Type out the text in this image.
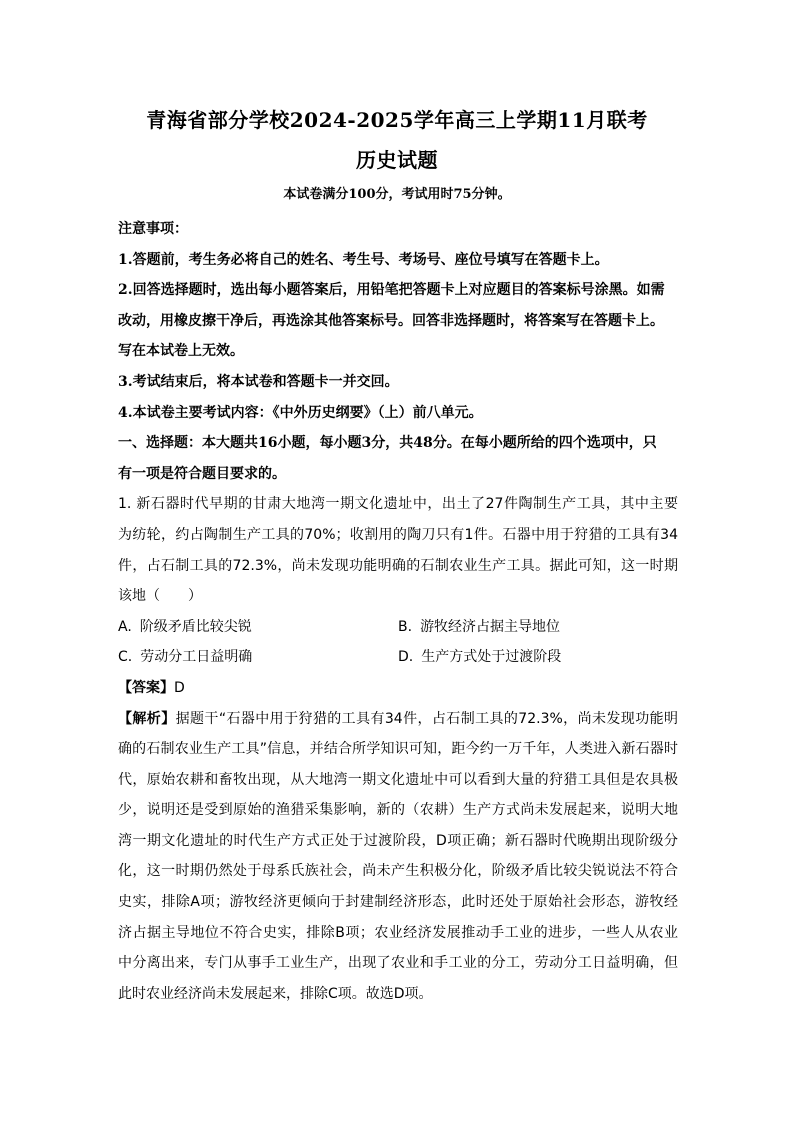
青海省部分学校2024-2025学年高三上学期11月联考
历史试题
本试卷满分100分，考试用时75分钟。
注意事项：
1.答题前，考生务必将自己的姓名、考生号、考场号、座位号填写在答题卡上。
2.回答选择题时，选出每小题答案后，用铅笔把答题卡上对应题目的答案标号涂黑。如需
改动，用橡皮擦干净后，再选涂其他答案标号。回答非选择题时，将答案写在答题卡上。
写在本试卷上无效。
3.考试结束后，将本试卷和答题卡一并交回。
4.本试卷主要考试内容：《中外历史纲要》（上）前八单元。
一、选择题：本大题共16小题，每小题3分，共48分。在每小题所给的四个选项中，只
有一项是符合题目要求的。
1. 新石器时代早期的甘肃大地湾一期文化遗址中，出土了27件陶制生产工具，其中主要
为纺轮，约占陶制生产工具的70%；收割用的陶刀只有1件。石器中用于狩猎的工具有34
件，占石制工具的72.3%，尚未发现功能明确的石制农业生产工具。据此可知，这一时期
该地（　　）
A. 阶级矛盾比较尖锐	B. 游牧经济占据主导地位
C. 劳动分工日益明确	D. 生产方式处于过渡阶段
【答案】D
【解析】据题干“石器中用于狩猎的工具有34件，占石制工具的72.3%，尚未发现功能明
确的石制农业生产工具”信息，并结合所学知识可知，距今约一万千年，人类进入新石器时
代，原始农耕和畜牧出现，从大地湾一期文化遗址中可以看到大量的狩猎工具但是农具极
少，说明还是受到原始的渔猎采集影响，新的（农耕）生产方式尚未发展起来，说明大地
湾一期文化遗址的时代生产方式正处于过渡阶段，D项正确；新石器时代晚期出现阶级分
化，这一时期仍然处于母系氏族社会，尚未产生积极分化，阶级矛盾比较尖锐说法不符合
史实，排除A项；游牧经济更倾向于封建制经济形态，此时还处于原始社会形态，游牧经
济占据主导地位不符合史实，排除B项；农业经济发展推动手工业的进步，一些人从农业
中分离出来，专门从事手工业生产，出现了农业和手工业的分工，劳动分工日益明确，但
此时农业经济尚未发展起来，排除C项。故选D项。
